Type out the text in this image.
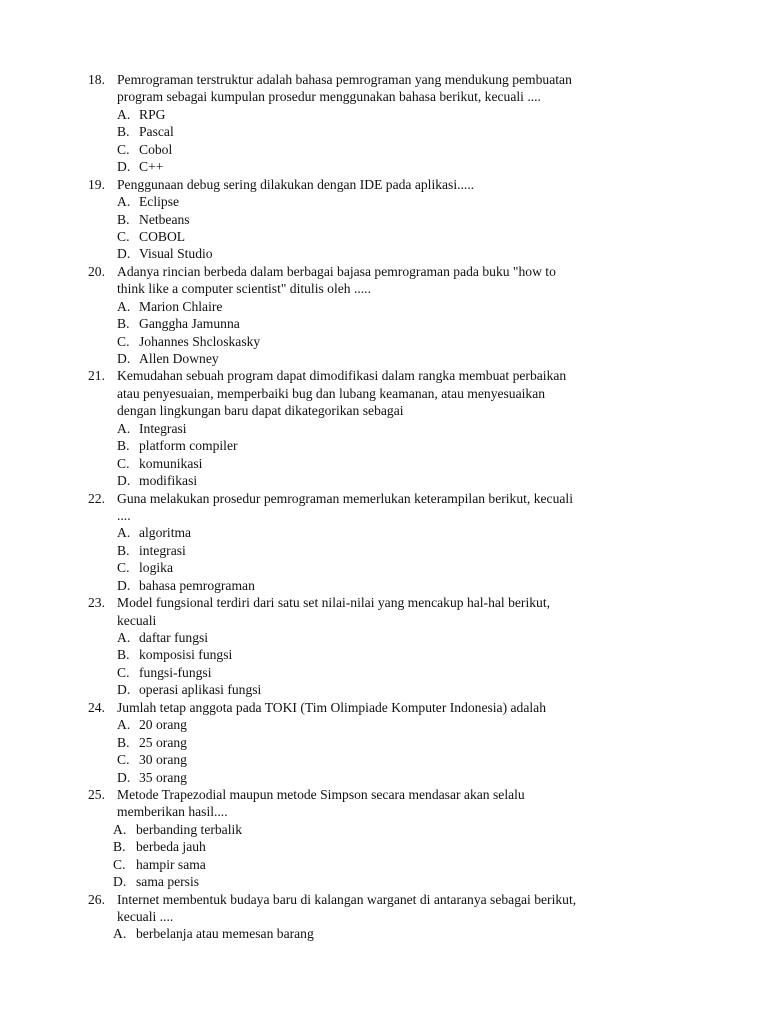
18. Pemrograman terstruktur adalah bahasa pemrograman yang mendukung pembuatan
program sebagai kumpulan prosedur menggunakan bahasa berikut, kecuali ....
A. RPG
B. Pascal
C. Cobol
D. C++
19. Penggunaan debug sering dilakukan dengan IDE pada aplikasi.....
A. Eclipse
B. Netbeans
C. COBOL
D. Visual Studio
20. Adanya rincian berbeda dalam berbagai bajasa pemrograman pada buku "how to
think like a computer scientist" ditulis oleh .....
A. Marion Chlaire
B. Ganggha Jamunna
C. Johannes Shcloskasky
D. Allen Downey
21. Kemudahan sebuah program dapat dimodifikasi dalam rangka membuat perbaikan
atau penyesuaian, memperbaiki bug dan lubang keamanan, atau menyesuaikan
dengan lingkungan baru dapat dikategorikan sebagai
A. Integrasi
B. platform compiler
C. komunikasi
D. modifikasi
22. Guna melakukan prosedur pemrograman memerlukan keterampilan berikut, kecuali
....
A. algoritma
B. integrasi
C. logika
D. bahasa pemrograman
23. Model fungsional terdiri dari satu set nilai-nilai yang mencakup hal-hal berikut,
kecuali
A. daftar fungsi
B. komposisi fungsi
C. fungsi-fungsi
D. operasi aplikasi fungsi
24. Jumlah tetap anggota pada TOKI (Tim Olimpiade Komputer Indonesia) adalah
A. 20 orang
B. 25 orang
C. 30 orang
D. 35 orang
25. Metode Trapezodial maupun metode Simpson secara mendasar akan selalu
memberikan hasil....
A. berbanding terbalik
B. berbeda jauh
C. hampir sama
D. sama persis
26. Internet membentuk budaya baru di kalangan warganet di antaranya sebagai berikut,
kecuali ....
A. berbelanja atau memesan barang
